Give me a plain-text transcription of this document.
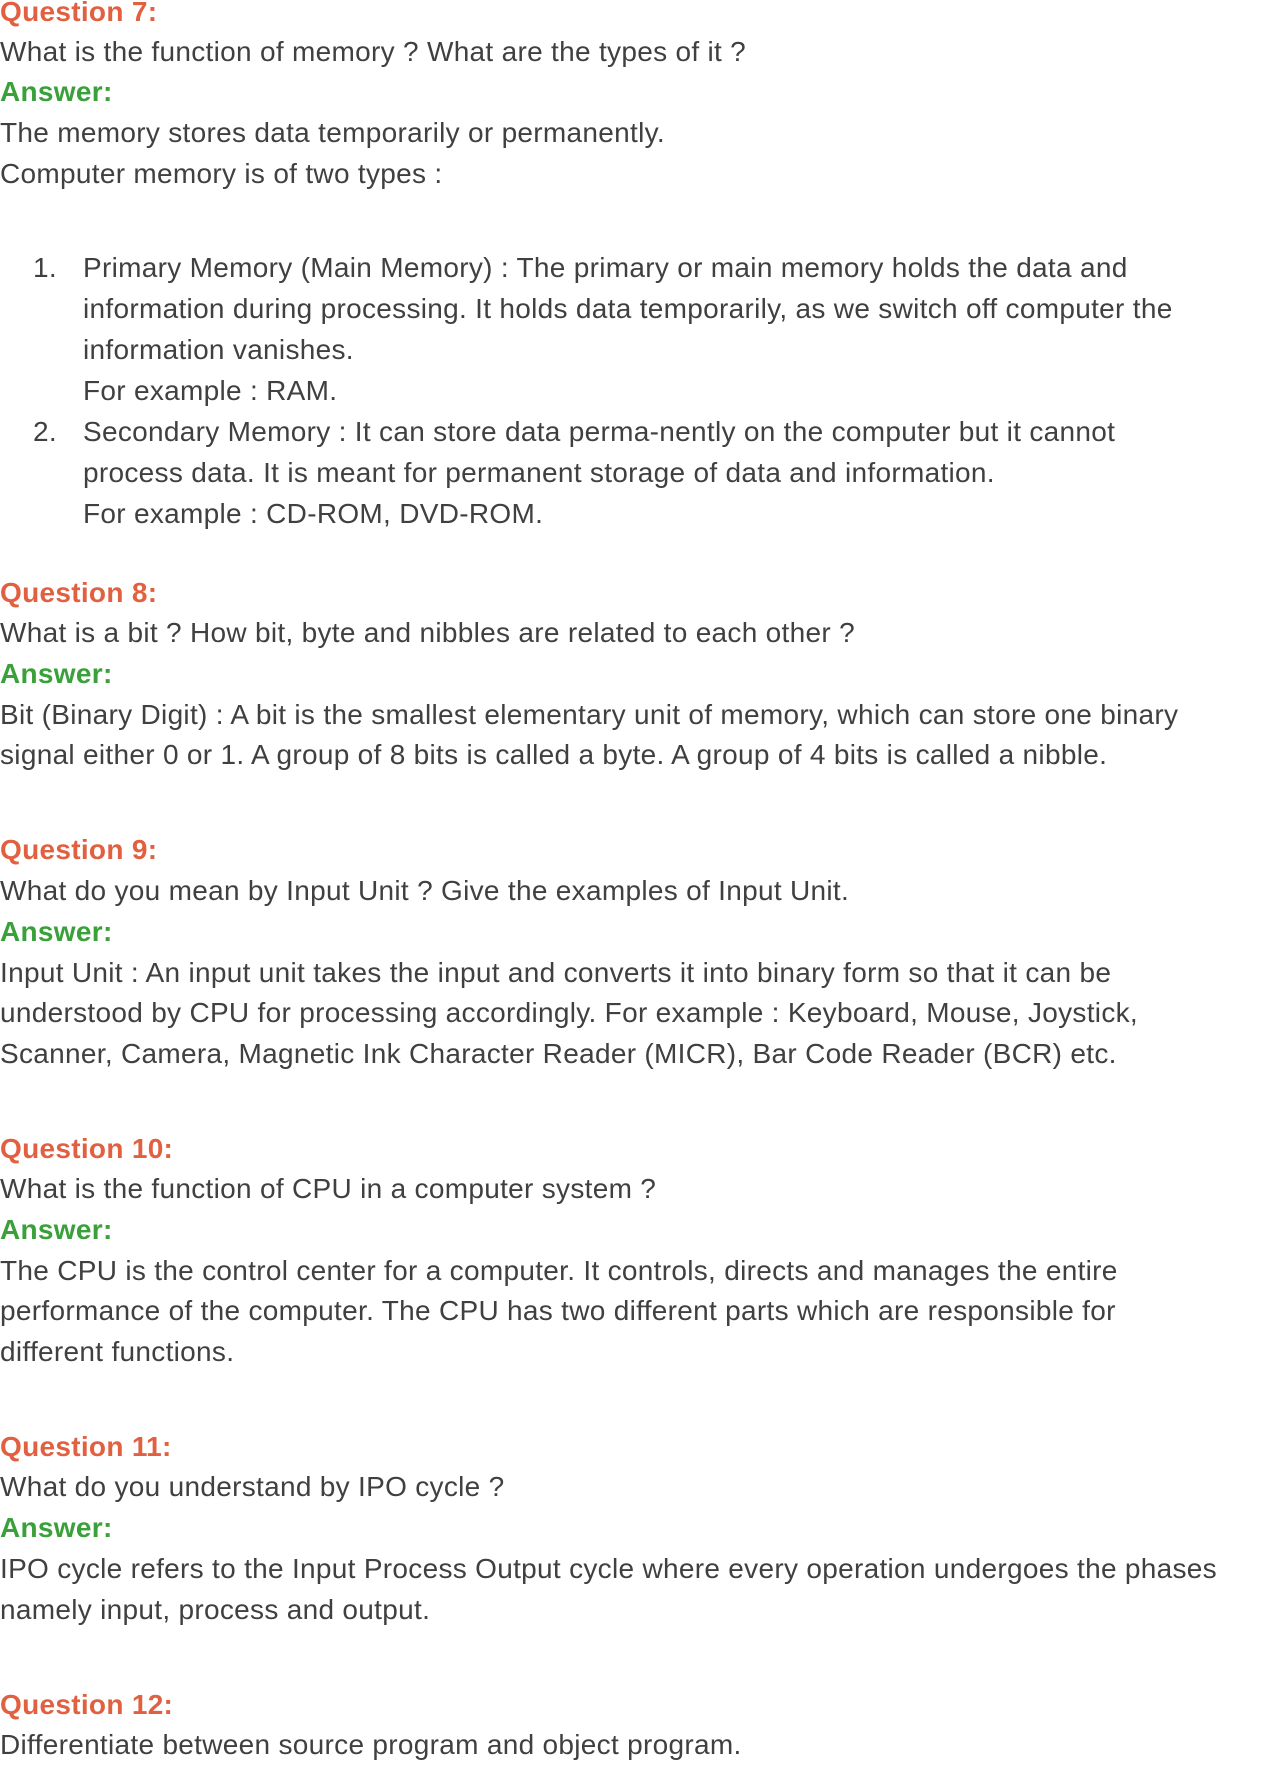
Question 7:
What is the function of memory ? What are the types of it ?
Answer:
The memory stores data temporarily or permanently.
Computer memory is of two types :
1. Primary Memory (Main Memory) : The primary or main memory holds the data and
information during processing. It holds data temporarily, as we switch off computer the
information vanishes.
For example : RAM.
2. Secondary Memory : It can store data perma-nently on the computer but it cannot
process data. It is meant for permanent storage of data and information.
For example : CD-ROM, DVD-ROM.
Question 8:
What is a bit ? How bit, byte and nibbles are related to each other ?
Answer:
Bit (Binary Digit) : A bit is the smallest elementary unit of memory, which can store one binary
signal either 0 or 1. A group of 8 bits is called a byte. A group of 4 bits is called a nibble.
Question 9:
What do you mean by Input Unit ? Give the examples of Input Unit.
Answer:
Input Unit : An input unit takes the input and converts it into binary form so that it can be
understood by CPU for processing accordingly. For example : Keyboard, Mouse, Joystick,
Scanner, Camera, Magnetic Ink Character Reader (MICR), Bar Code Reader (BCR) etc.
Question 10:
What is the function of CPU in a computer system ?
Answer:
The CPU is the control center for a computer. It controls, directs and manages the entire
performance of the computer. The CPU has two different parts which are responsible for
different functions.
Question 11:
What do you understand by IPO cycle ?
Answer:
IPO cycle refers to the Input Process Output cycle where every operation undergoes the phases
namely input, process and output.
Question 12:
Differentiate between source program and object program.
